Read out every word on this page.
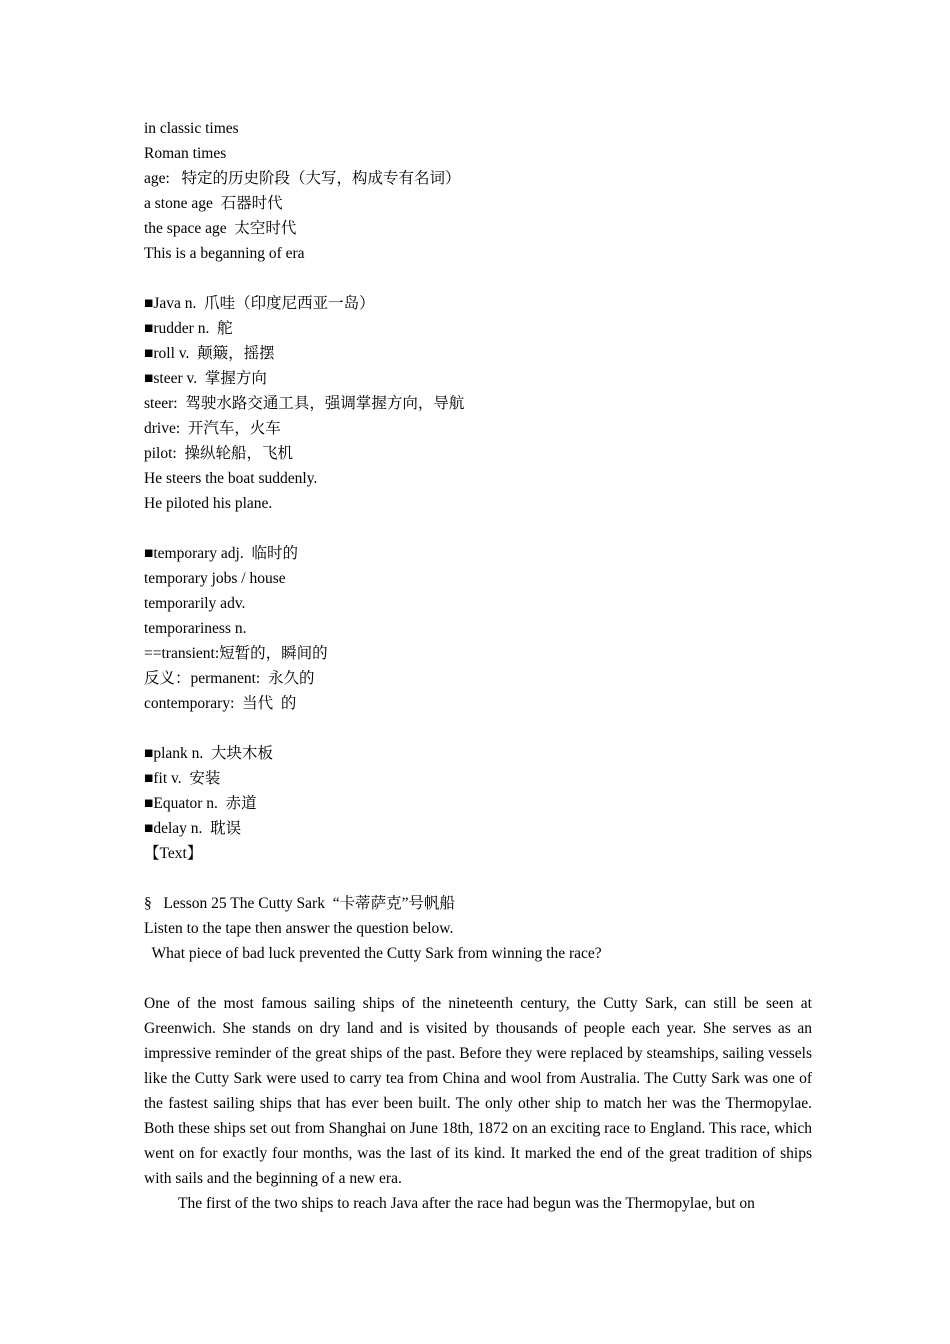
in classic times
Roman times
age:   特定的历史阶段（大写，构成专有名词）
a stone age  石器时代
the space age  太空时代
This is a beganning of era
■Java n.  爪哇（印度尼西亚一岛）
■rudder n.  舵
■roll v.  颠簸，摇摆
■steer v.  掌握方向
steer:  驾驶水路交通工具，强调掌握方向，导航
drive:  开汽车，火车
pilot:  操纵轮船，飞机
He steers the boat suddenly.
He piloted his plane.
■temporary adj.  临时的
temporary jobs / house
temporarily adv.
temporariness n.
==transient:短暂的，瞬间的
反义：permanent:  永久的
contemporary:  当代  的
■plank n.  大块木板
■fit v.  安装
■Equator n.  赤道
■delay n.  耽误
【Text】
§   Lesson 25 The Cutty Sark  “卡蒂萨克”号帆船
Listen to the tape then answer the question below.
What piece of bad luck prevented the Cutty Sark from winning the race?

One of the most famous sailing ships of the nineteenth century, the Cutty Sark, can still be seen at Greenwich. She stands on dry land and is visited by thousands of people each year. She serves as an impressive reminder of the great ships of the past. Before they were replaced by steamships, sailing vessels like the Cutty Sark were used to carry tea from China and wool from Australia. The Cutty Sark was one of the fastest sailing ships that has ever been built. The only other ship to match her was the Thermopylae. Both these ships set out from Shanghai on June 18th, 1872 on an exciting race to England. This race, which went on for exactly four months, was the last of its kind. It marked the end of the great tradition of ships with sails and the beginning of a new era.

The first of the two ships to reach Java after the race had begun was the Thermopylae, but on
